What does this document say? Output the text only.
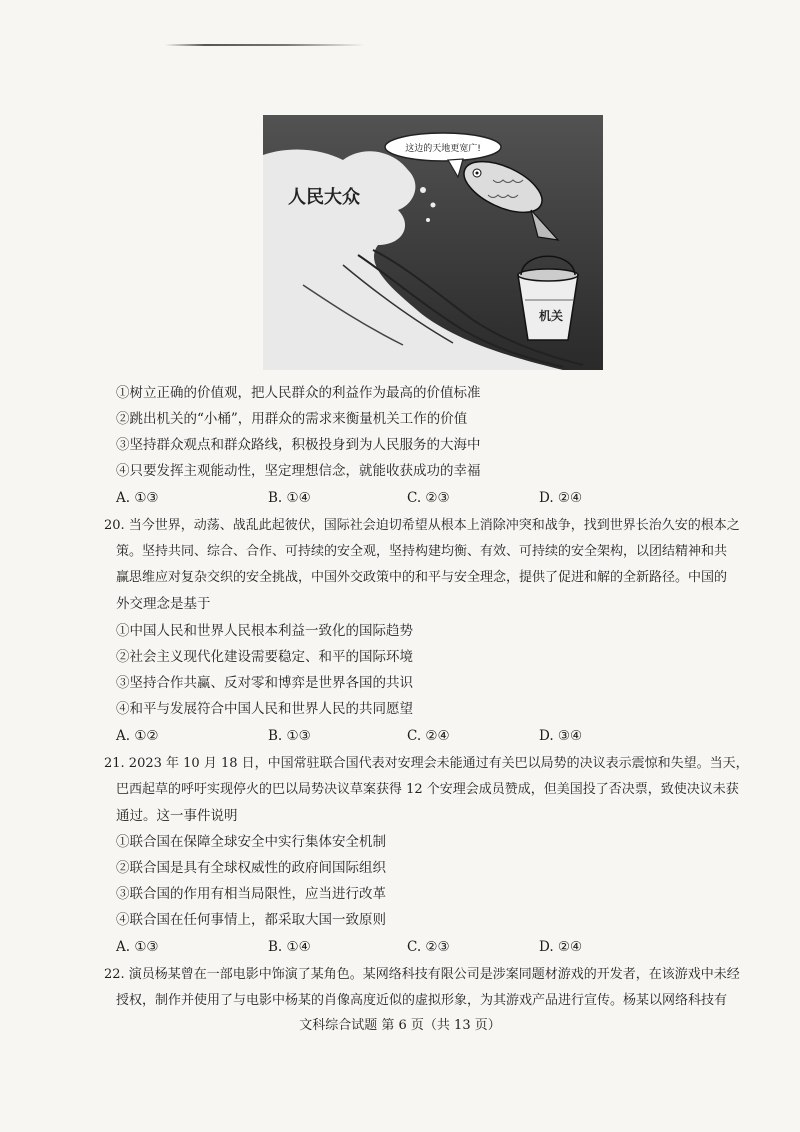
人民大众
这边的天地更宽广!
机关
①树立正确的价值观，把人民群众的利益作为最高的价值标准
②跳出机关的“小桶”，用群众的需求来衡量机关工作的价值
③坚持群众观点和群众路线，积极投身到为人民服务的大海中
④只要发挥主观能动性，坚定理想信念，就能收获成功的幸福
A. ①③	B. ①④	C. ②③	D. ②④
20. 当今世界，动荡、战乱此起彼伏，国际社会迫切希望从根本上消除冲突和战争，找到世界长治久安的根本之
策。坚持共同、综合、合作、可持续的安全观，坚持构建均衡、有效、可持续的安全架构，以团结精神和共
赢思维应对复杂交织的安全挑战，中国外交政策中的和平与安全理念，提供了促进和解的全新路径。中国的
外交理念是基于
①中国人民和世界人民根本利益一致化的国际趋势
②社会主义现代化建设需要稳定、和平的国际环境
③坚持合作共赢、反对零和博弈是世界各国的共识
④和平与发展符合中国人民和世界人民的共同愿望
A. ①②	B. ①③	C. ②④	D. ③④
21. 2023 年 10 月 18 日，中国常驻联合国代表对安理会未能通过有关巴以局势的决议表示震惊和失望。当天，
巴西起草的呼吁实现停火的巴以局势决议草案获得 12 个安理会成员赞成，但美国投了否决票，致使决议未获
通过。这一事件说明
①联合国在保障全球安全中实行集体安全机制
②联合国是具有全球权威性的政府间国际组织
③联合国的作用有相当局限性，应当进行改革
④联合国在任何事情上，都采取大国一致原则
A. ①③	B. ①④	C. ②③	D. ②④
22. 演员杨某曾在一部电影中饰演了某角色。某网络科技有限公司是涉案同题材游戏的开发者，在该游戏中未经
授权，制作并使用了与电影中杨某的肖像高度近似的虚拟形象，为其游戏产品进行宣传。杨某以网络科技有
文科综合试题 第 6 页（共 13 页）
